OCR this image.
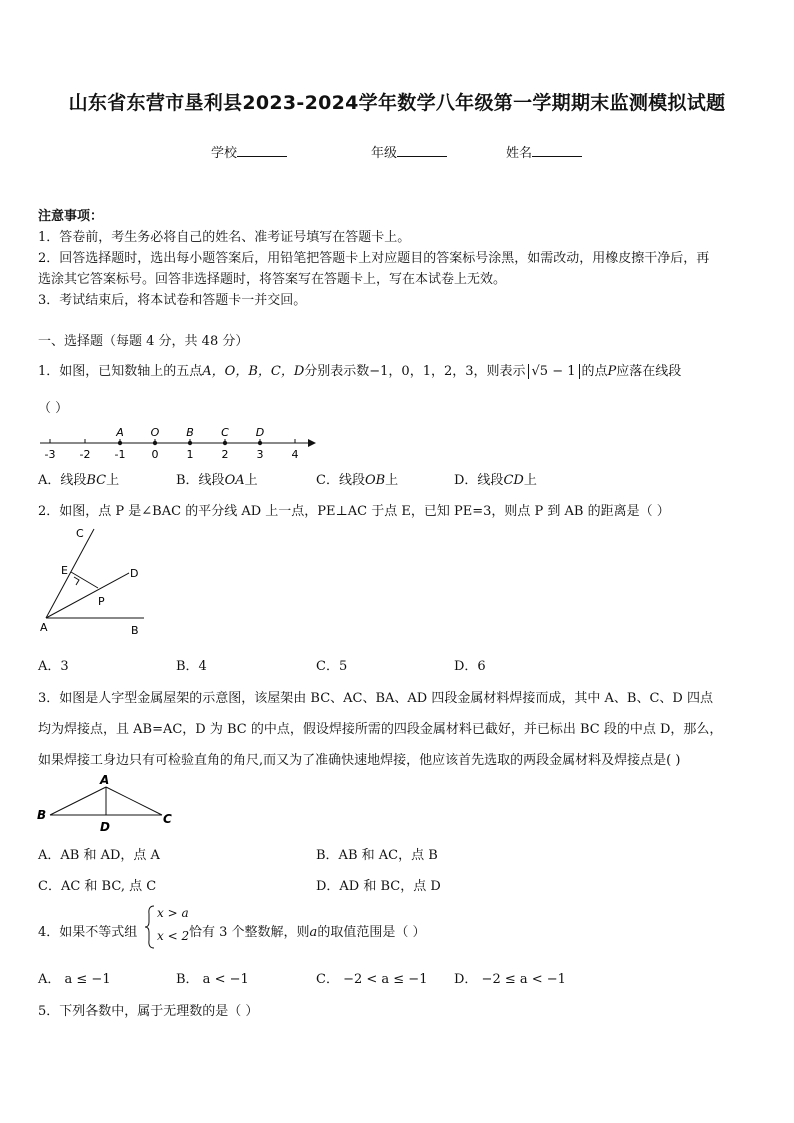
山东省东营市垦利县2023-2024学年数学八年级第一学期期末监测模拟试题
学校	年级	姓名
注意事项：
1．答卷前，考生务必将自己的姓名、准考证号填写在答题卡上。
2．回答选择题时，选出每小题答案后，用铅笔把答题卡上对应题目的答案标号涂黑，如需改动，用橡皮擦干净后，再
选涂其它答案标号。回答非选择题时，将答案写在答题卡上，写在本试卷上无效。
3．考试结束后，将本试卷和答题卡一并交回。
一、选择题（每题 4 分，共 48 分）
1．如图，已知数轴上的五点A，O，B，C，D分别表示数−1，0，1，2，3，则表示 √5 − 1 的点P应落在线段
（ ）
-3 -2 -1 0	1	2	3	4
A O B C D
A．线段BC上	B．线段OA上	C．线段OB上	D．线段CD上
2．如图，点 P 是∠BAC 的平分线 AD 上一点，PE⊥AC 于点 E，已知 PE=3，则点 P 到 AB 的距离是（ ）
C
E	D
P
A	B
A．3	B．4	C．5	D．6
3．如图是人字型金属屋架的示意图，该屋架由 BC、AC、BA、AD 四段金属材料焊接而成，其中 A、B、C、D 四点
均为焊接点，且 AB=AC，D 为 BC 的中点，假设焊接所需的四段金属材料已截好，并已标出 BC 段的中点 D，那么，
如果焊接工身边只有可检验直角的角尺,而又为了准确快速地焊接，他应该首先选取的两段金属材料及焊接点是( )
A
B	C
D
A．AB 和 AD，点 A	B．AB 和 AC，点 B
C．AC 和 BC, 点 C	D．AD 和 BC，点 D
4．如果不等式组
x > a
x < 2 恰有 3 个整数解，则a的取值范围是（ ）
A． a ≤ −1	B． a < −1	C． −2 < a ≤ −1 D． −2 ≤ a < −1
5．下列各数中，属于无理数的是（ ）
